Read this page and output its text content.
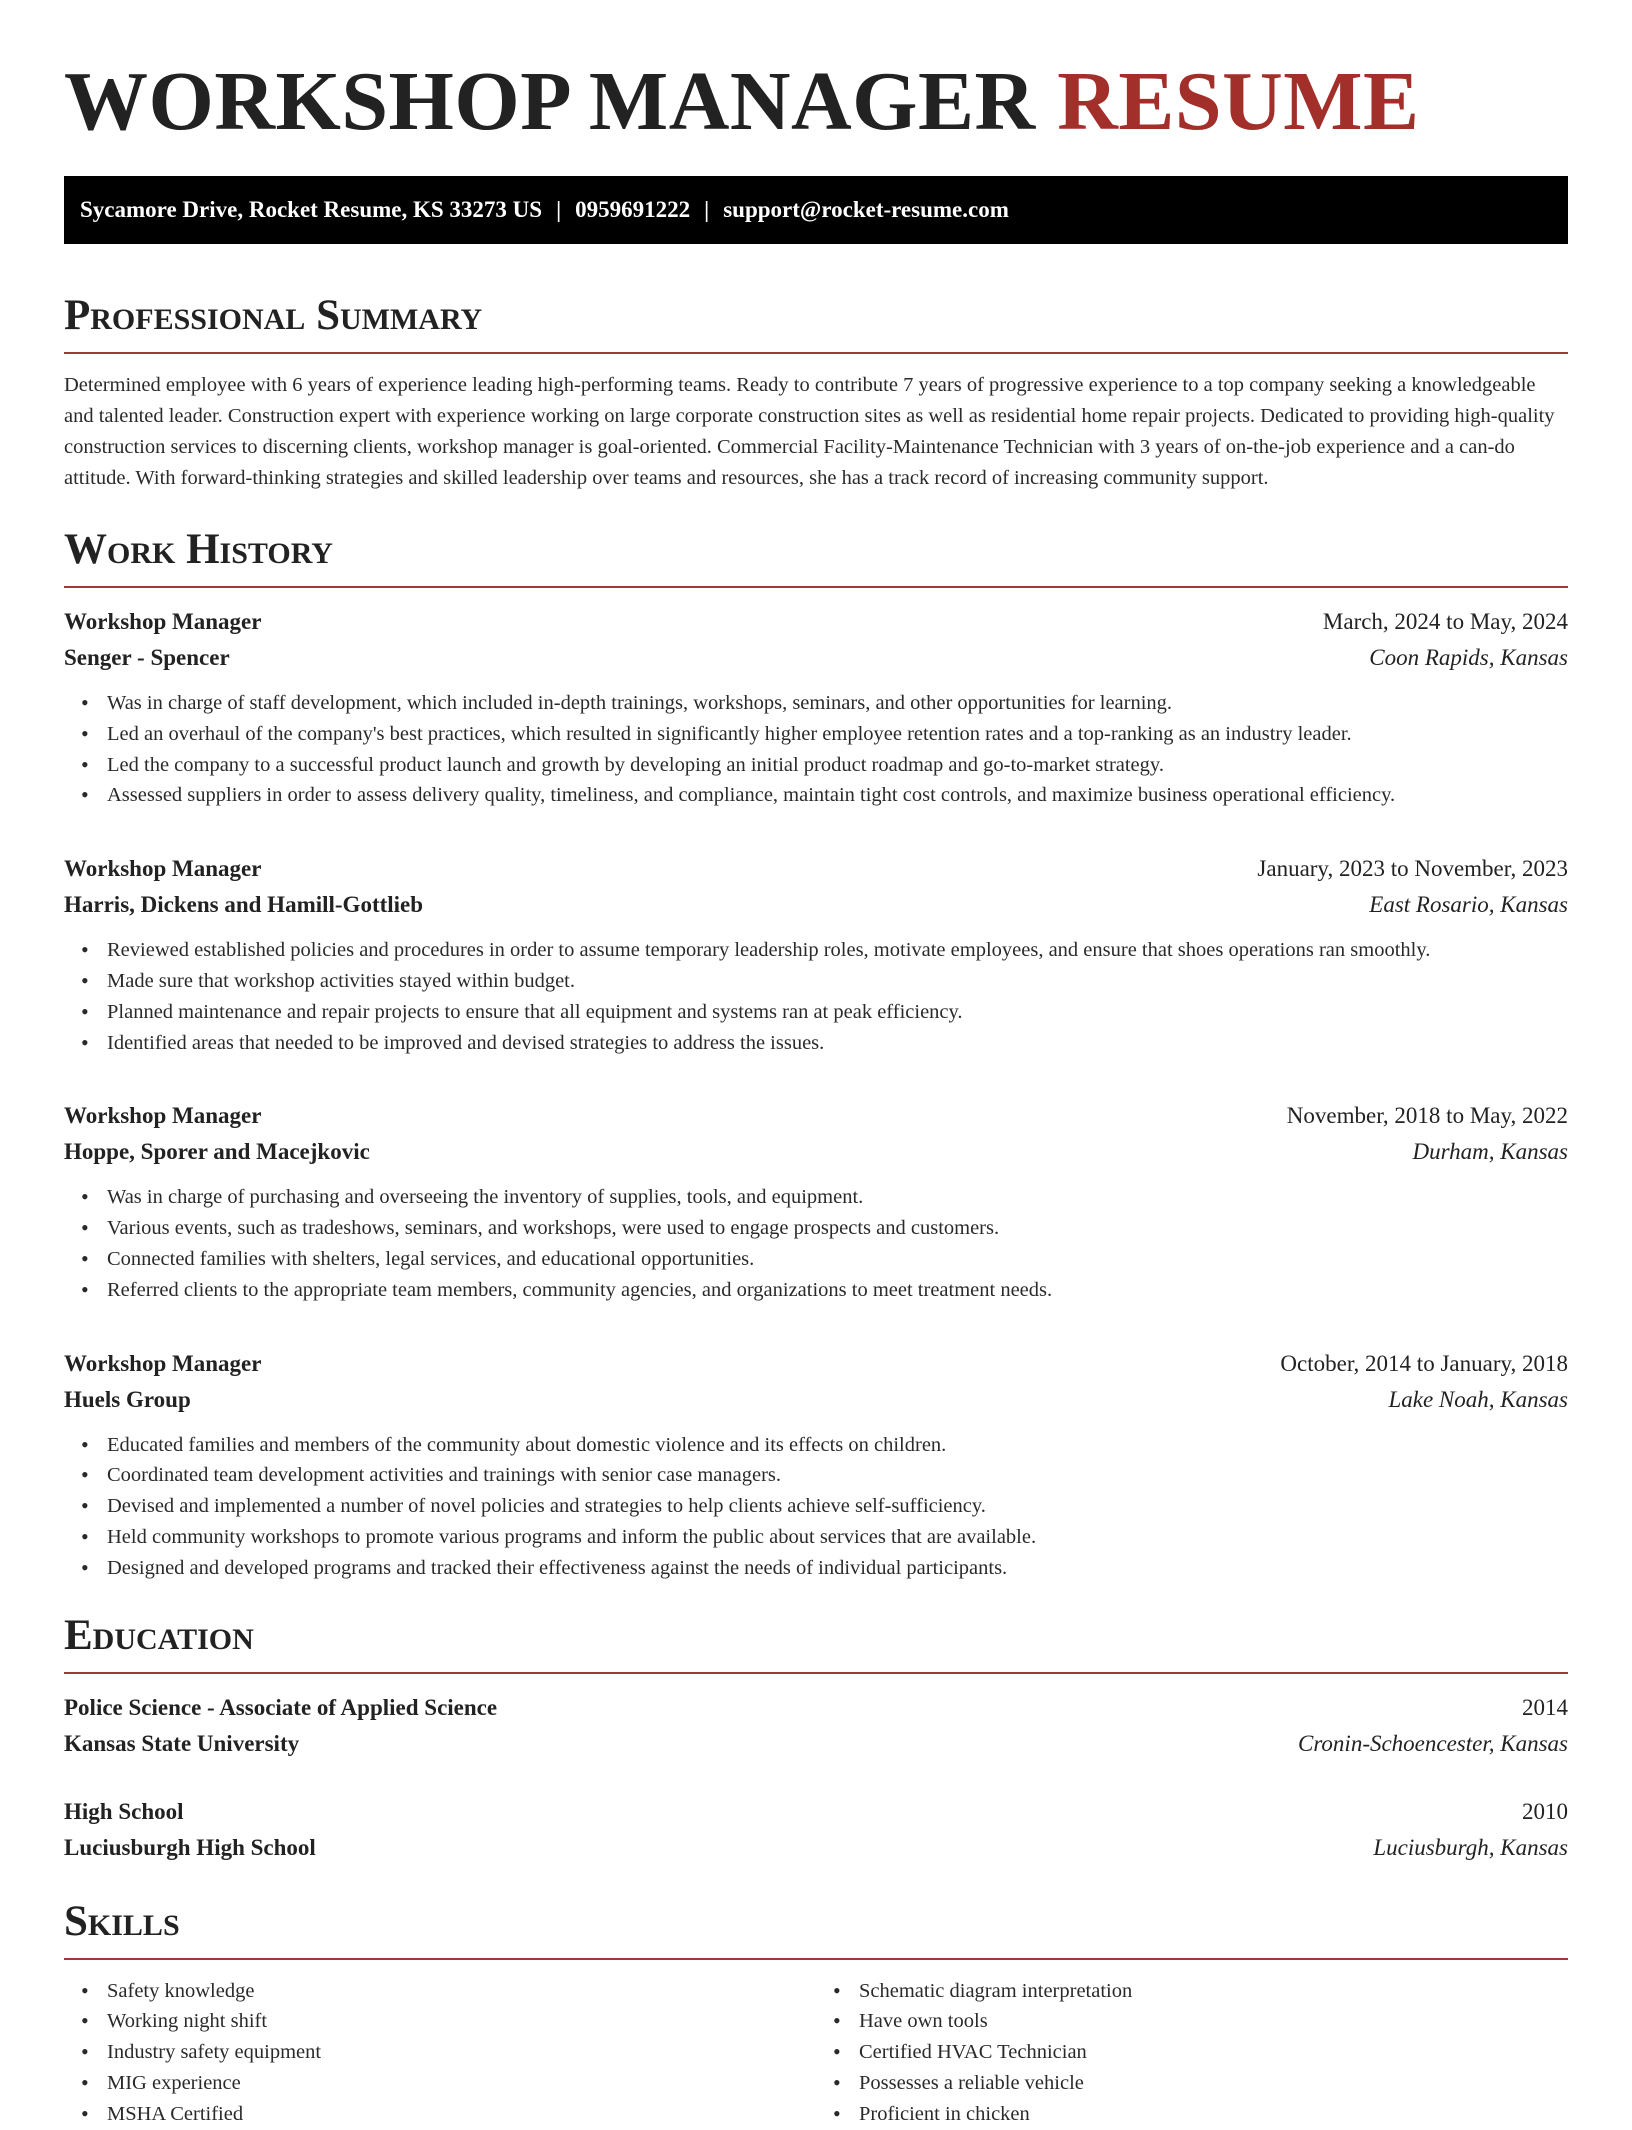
WORKSHOP MANAGER RESUME
Sycamore Drive, Rocket Resume, KS 33273 US | 0959691222 | support@rocket-resume.com
Professional Summary

Determined employee with 6 years of experience leading high-performing teams. Ready to contribute 7 years of progressive experience to a top company seeking a knowledgeable and talented leader. Construction expert with experience working on large corporate construction sites as well as residential home repair projects. Dedicated to providing high-quality construction services to discerning clients, workshop manager is goal-oriented. Commercial Facility-Maintenance Technician with 3 years of on-the-job experience and a can-do attitude. With forward-thinking strategies and skilled leadership over teams and resources, she has a track record of increasing community support.

Work History
Workshop Manager	March, 2024 to May, 2024
Senger - Spencer	Coon Rapids, Kansas
• Was in charge of staff development, which included in-depth trainings, workshops, seminars, and other opportunities for learning.
• Led an overhaul of the company's best practices, which resulted in significantly higher employee retention rates and a top-ranking as an industry leader.
• Led the company to a successful product launch and growth by developing an initial product roadmap and go-to-market strategy.
• Assessed suppliers in order to assess delivery quality, timeliness, and compliance, maintain tight cost controls, and maximize business operational efficiency.
Workshop Manager	January, 2023 to November, 2023
Harris, Dickens and Hamill-Gottlieb	East Rosario, Kansas
• Reviewed established policies and procedures in order to assume temporary leadership roles, motivate employees, and ensure that shoes operations ran smoothly.
• Made sure that workshop activities stayed within budget.
• Planned maintenance and repair projects to ensure that all equipment and systems ran at peak efficiency.
• Identified areas that needed to be improved and devised strategies to address the issues.
Workshop Manager	November, 2018 to May, 2022
Hoppe, Sporer and Macejkovic	Durham, Kansas
• Was in charge of purchasing and overseeing the inventory of supplies, tools, and equipment.
• Various events, such as tradeshows, seminars, and workshops, were used to engage prospects and customers.
• Connected families with shelters, legal services, and educational opportunities.
• Referred clients to the appropriate team members, community agencies, and organizations to meet treatment needs.
Workshop Manager	October, 2014 to January, 2018
Huels Group	Lake Noah, Kansas
• Educated families and members of the community about domestic violence and its effects on children.
• Coordinated team development activities and trainings with senior case managers.
• Devised and implemented a number of novel policies and strategies to help clients achieve self-sufficiency.
• Held community workshops to promote various programs and inform the public about services that are available.
• Designed and developed programs and tracked their effectiveness against the needs of individual participants.
Education
Police Science - Associate of Applied Science	2014
Kansas State University	Cronin-Schoencester, Kansas
High School	2010
Luciusburgh High School	Luciusburgh, Kansas
Skills
• Safety knowledge
• Working night shift
• Industry safety equipment
• MIG experience
• MSHA Certified
• Schematic diagram interpretation
• Have own tools
• Certified HVAC Technician
• Possesses a reliable vehicle
• Proficient in chicken
